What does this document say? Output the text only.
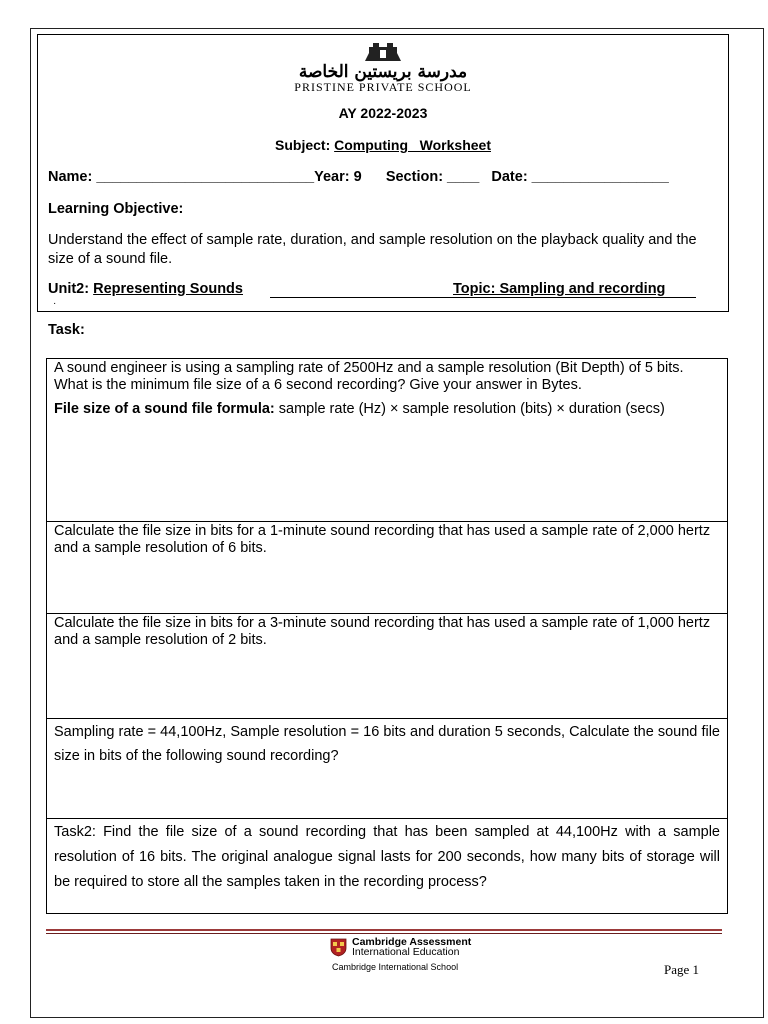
مدرسة بريستين الخاصة
PRISTINE PRIVATE SCHOOL
AY 2022-2023
Subject: Computing   Worksheet
Name: ___________________________Year: 9      Section: ____   Date: _________________
Learning Objective:
Understand the effect of sample rate, duration, and sample resolution on the playback quality and the size of a sound file.
Unit2: Representing Sounds	Topic: Sampling and recording
·
Task:

A sound engineer is using a sampling rate of 2500Hz and a sample resolution (Bit Depth) of 5 bits. What is the minimum file size of a 6 second recording? Give your answer in Bytes.

File size of a sound file formula: sample rate (Hz) × sample resolution (bits) × duration (secs)

Calculate the file size in bits for a 1-minute sound recording that has used a sample rate of 2,000 hertz and a sample resolution of 6 bits.

Calculate the file size in bits for a 3-minute sound recording that has used a sample rate of 1,000 hertz and a sample resolution of 2 bits.

Sampling rate = 44,100Hz, Sample resolution = 16 bits and duration 5 seconds, Calculate the sound file size in bits of the following sound recording?

Task2: Find the file size of a sound recording that has been sampled at 44,100Hz with a sample resolution of 16 bits. The original analogue signal lasts for 200 seconds, how many bits of storage will be required to store all the samples taken in the recording process?

Cambridge Assessment
International Education
Cambridge International School	Page 1
